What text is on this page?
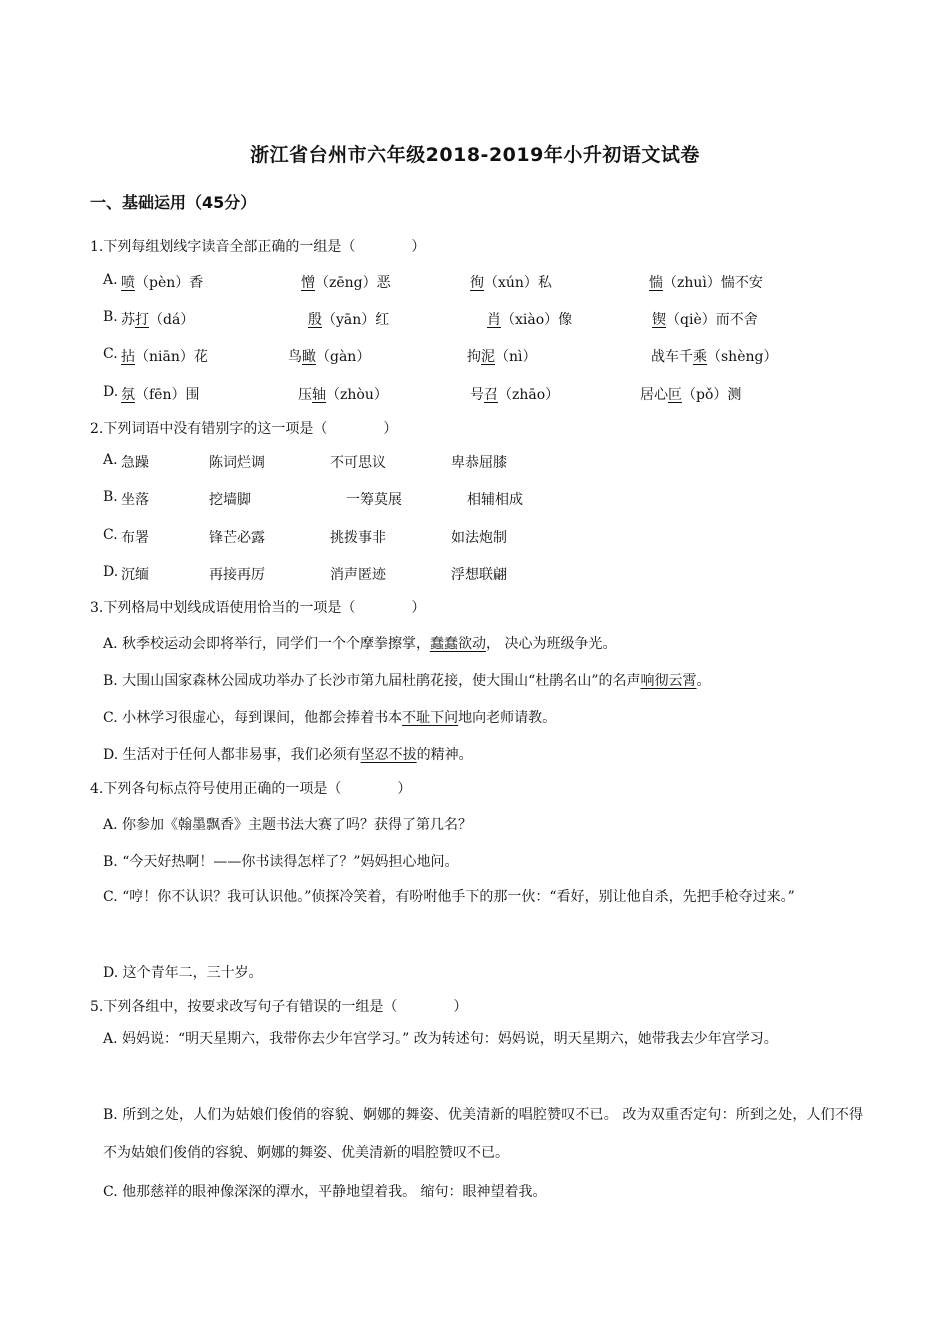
浙江省台州市六年级2018-2019年小升初语文试卷
一、基础运用（45分）
1.下列每组划线字读音全部正确的一组是（　　　　）
A. 喷（pèn）香	憎（zēng）恶	徇（xún）私	惴（zhuì）惴不安
B. 苏打（dá）	殷（yān）红	肖（xiào）像	锲（qiè）而不舍
C. 拈（niān）花	鸟瞰（gàn）	拘泥（nì）	战车千乘（shèng）
D. 氛（fēn）围	压轴（zhòu）	号召（zhāo）	居心叵（pǒ）测
2.下列词语中没有错别字的这一项是（　　　　）
A. 急躁	陈词烂调	不可思议	卑恭屈膝
B. 坐落	挖墙脚	一筹莫展	相辅相成
C. 布署	锋芒必露	挑拨事非	如法炮制
D. 沉缅	再接再厉	消声匿迹	浮想联翩
3.下列格局中划线成语使用恰当的一项是（　　　　）
A. 秋季校运动会即将举行，同学们一个个摩拳擦掌，蠢蠢欲动， 决心为班级争光。
B. 大围山国家森林公园成功举办了长沙市第九届杜鹃花接，使大围山“杜鹃名山”的名声响彻云霄。
C. 小林学习很虚心，每到课间，他都会捧着书本不耻下问地向老师请教。
D. 生活对于任何人都非易事，我们必须有坚忍不拔的精神。
4.下列各句标点符号使用正确的一项是（　　　　）
A. 你参加《翰墨飘香》主题书法大赛了吗？获得了第几名？
B. “今天好热啊！——你书读得怎样了？”妈妈担心地问。
C. “哼！你不认识？我可认识他。”侦探冷笑着，有吩咐他手下的那一伙：“看好，别让他自杀，先把手枪夺过来。”
D. 这个青年二，三十岁。
5.下列各组中，按要求改写句子有错误的一组是（　　　　）
A. 妈妈说：“明天星期六，我带你去少年宫学习。” 改为转述句：妈妈说，明天星期六，她带我去少年宫学习。
B. 所到之处，人们为姑娘们俊俏的容貌、婀娜的舞姿、优美清新的唱腔赞叹不已。 改为双重否定句：所到之处，人们不得不为姑娘们俊俏的容貌、婀娜的舞姿、优美清新的唱腔赞叹不已。
C. 他那慈祥的眼神像深深的潭水，平静地望着我。 缩句：眼神望着我。
